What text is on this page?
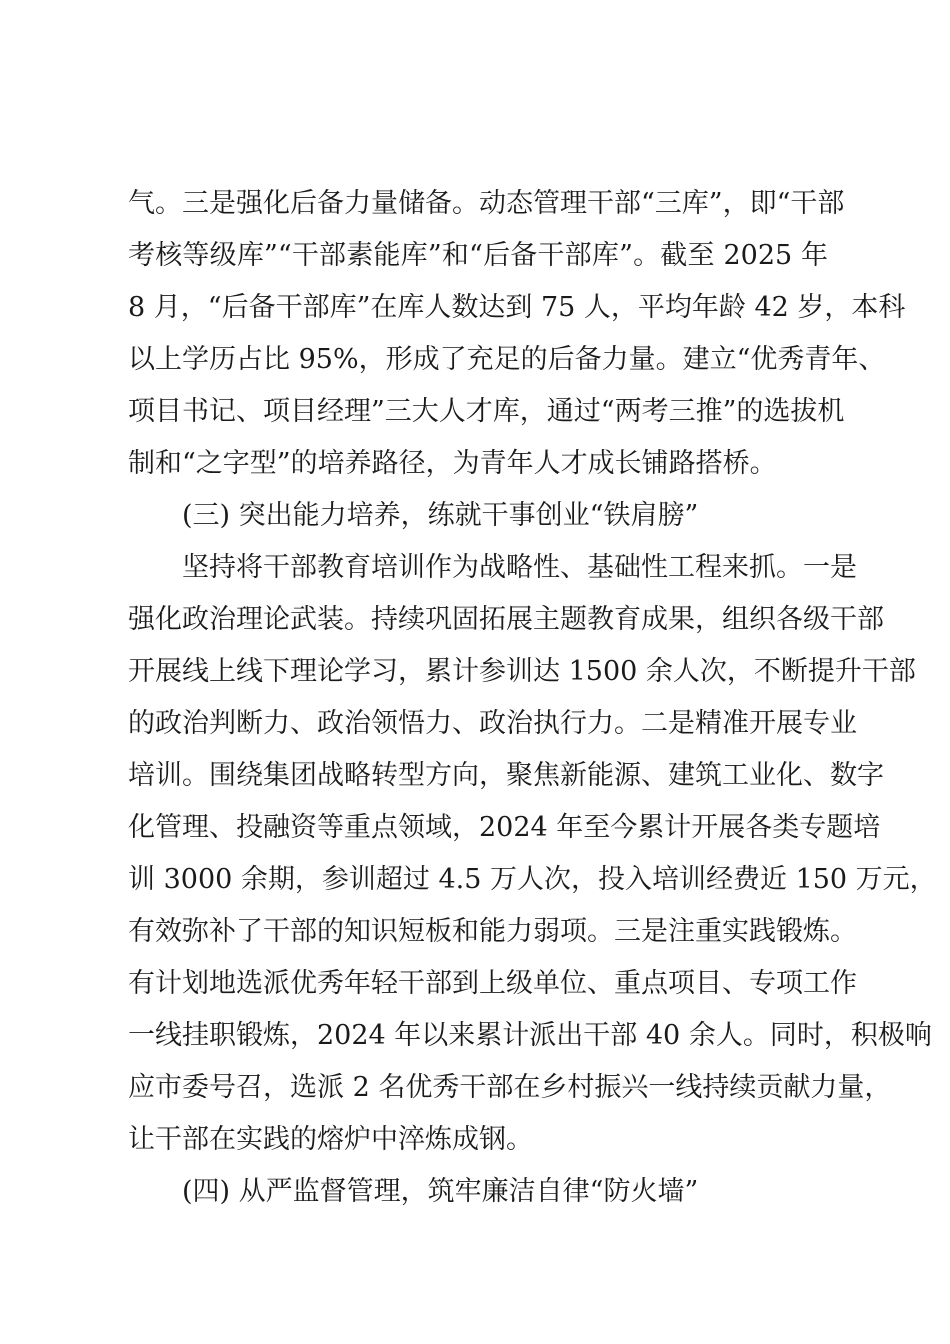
气。三是强化后备力量储备。动态管理干部“三库”，即“干部
考核等级库”“干部素能库”和“后备干部库”。截至 2025 年
8 月，“后备干部库”在库人数达到 75 人，平均年龄 42 岁，本科
以上学历占比 95%，形成了充足的后备力量。建立“优秀青年、
项目书记、项目经理”三大人才库，通过“两考三推”的选拔机
制和“之字型”的培养路径，为青年人才成长铺路搭桥。
(三) 突出能力培养，练就干事创业“铁肩膀”
坚持将干部教育培训作为战略性、基础性工程来抓。一是
强化政治理论武装。持续巩固拓展主题教育成果，组织各级干部
开展线上线下理论学习，累计参训达 1500 余人次，不断提升干部
的政治判断力、政治领悟力、政治执行力。二是精准开展专业
培训。围绕集团战略转型方向，聚焦新能源、建筑工业化、数字
化管理、投融资等重点领域，2024 年至今累计开展各类专题培
训 3000 余期，参训超过 4.5 万人次，投入培训经费近 150 万元，
有效弥补了干部的知识短板和能力弱项。三是注重实践锻炼。
有计划地选派优秀年轻干部到上级单位、重点项目、专项工作
一线挂职锻炼，2024 年以来累计派出干部 40 余人。同时，积极响
应市委号召，选派 2 名优秀干部在乡村振兴一线持续贡献力量，
让干部在实践的熔炉中淬炼成钢。
(四) 从严监督管理，筑牢廉洁自律“防火墙”
